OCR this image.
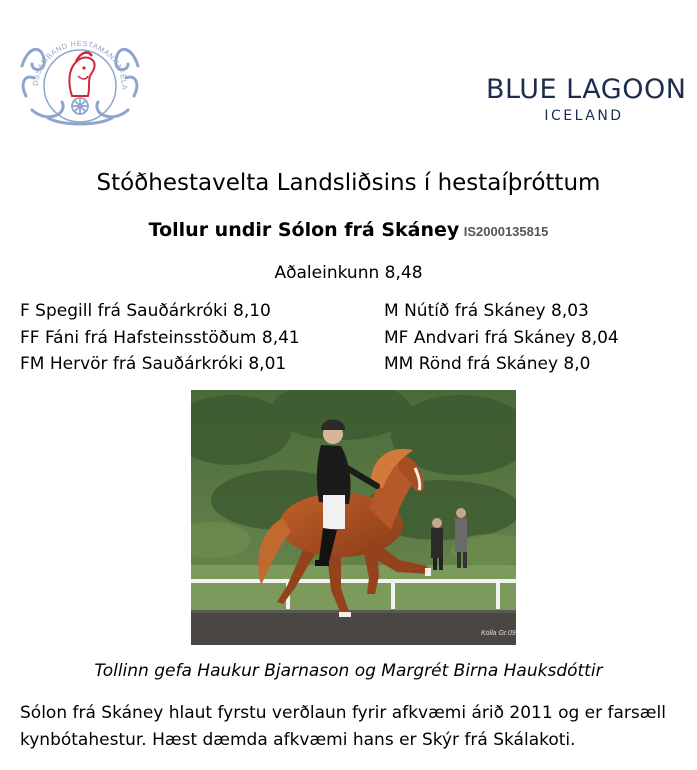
DSSAMBAND HESTAMANNAFÉLA	BLUE LAGOON
ICELAND
Stóðhestavelta Landsliðsins í hestaíþróttum
Tollur undir Sólon frá Skáney IS2000135815
Aðaleinkunn 8,48
F Spegill frá Sauðárkróki 8,10
FF Fáni frá Hafsteinsstöðum 8,41
FM Hervör frá Sauðárkróki 8,01
M Nútíð frá Skáney 8,03
MF Andvari frá Skáney 8,04
MM Rönd frá Skáney 8,0
Kolla Gr.09
Tollinn gefa Haukur Bjarnason og Margrét Birna Hauksdóttir
Sólon frá Skáney hlaut fyrstu verðlaun fyrir afkvæmi árið 2011 og er farsæll kynbótahestur. Hæst dæmda afkvæmi hans er Skýr frá Skálakoti.
